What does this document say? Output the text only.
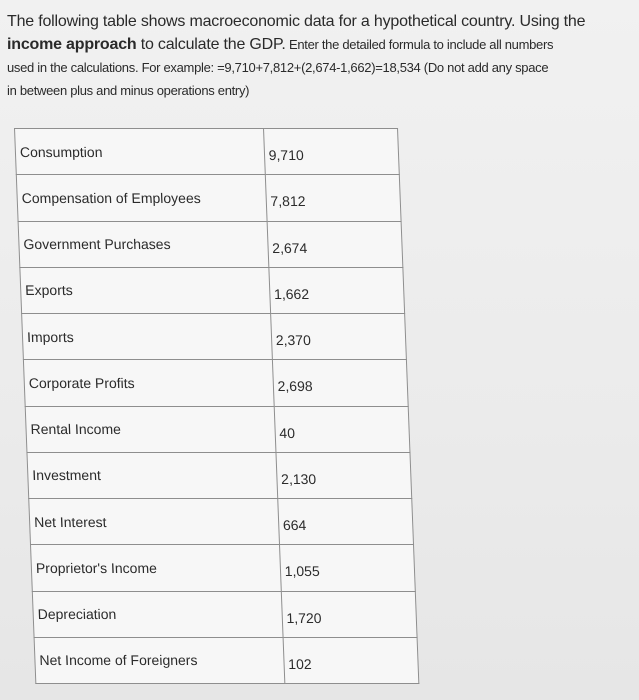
The following table shows macroeconomic data for a hypothetical country. Using the
income approach to calculate the GDP. Enter the detailed formula to include all numbers
used in the calculations. For example: =9,710+7,812+(2,674-1,662)=18,534 (Do not add any space
in between plus and minus operations entry)
Consumption	9,710
Compensation of Employees	7,812
Government Purchases	2,674
Exports	1,662
Imports	2,370
Corporate Profits	2,698
Rental Income	40
Investment	2,130
Net Interest	664
Proprietor's Income	1,055
Depreciation	1,720
Net Income of Foreigners	102
